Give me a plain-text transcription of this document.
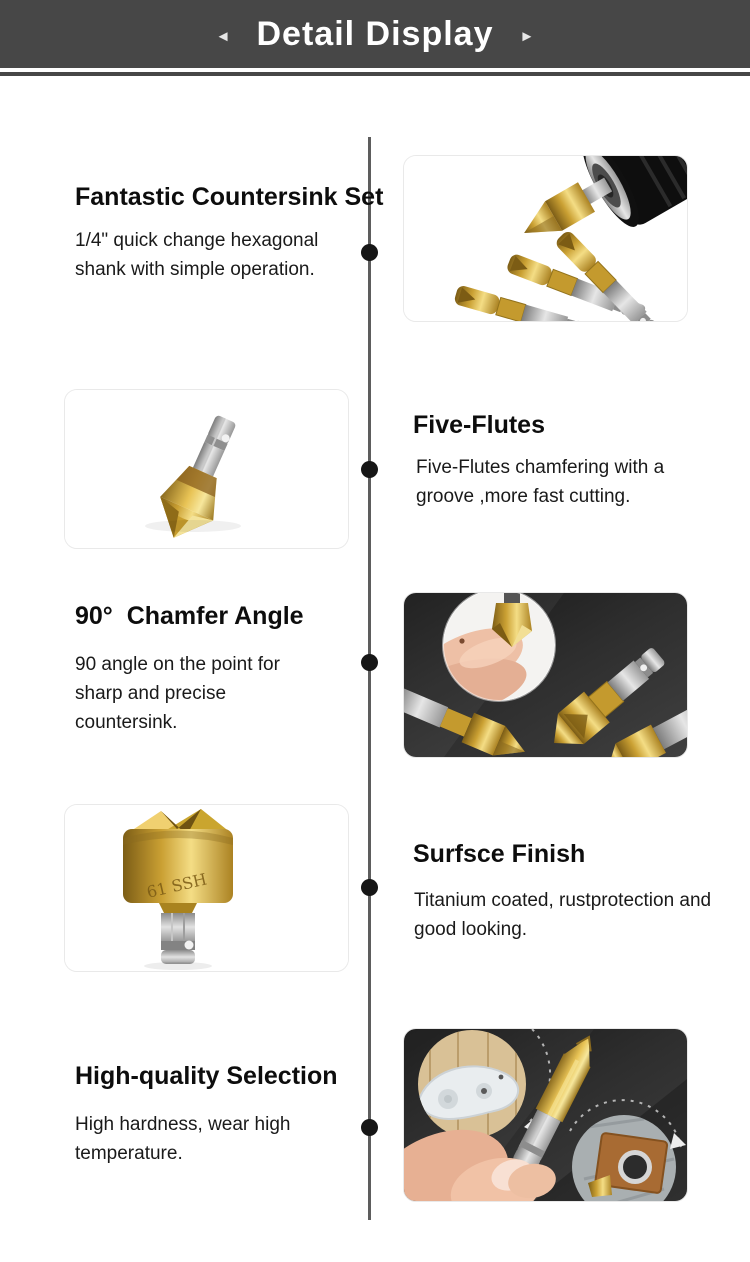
◄ Detail Display ►
Fantastic Countersink Set
1/4" quick change hexagonal shank with simple operation.
Five-Flutes
Five-Flutes chamfering with a groove ,more fast cutting.
90°  Chamfer Angle
90 angle on the point for sharp and precise countersink.
61 SSH
Surfsce Finish
Titanium coated, rustprotection and good looking.
High-quality Selection
High hardness, wear high temperature.
